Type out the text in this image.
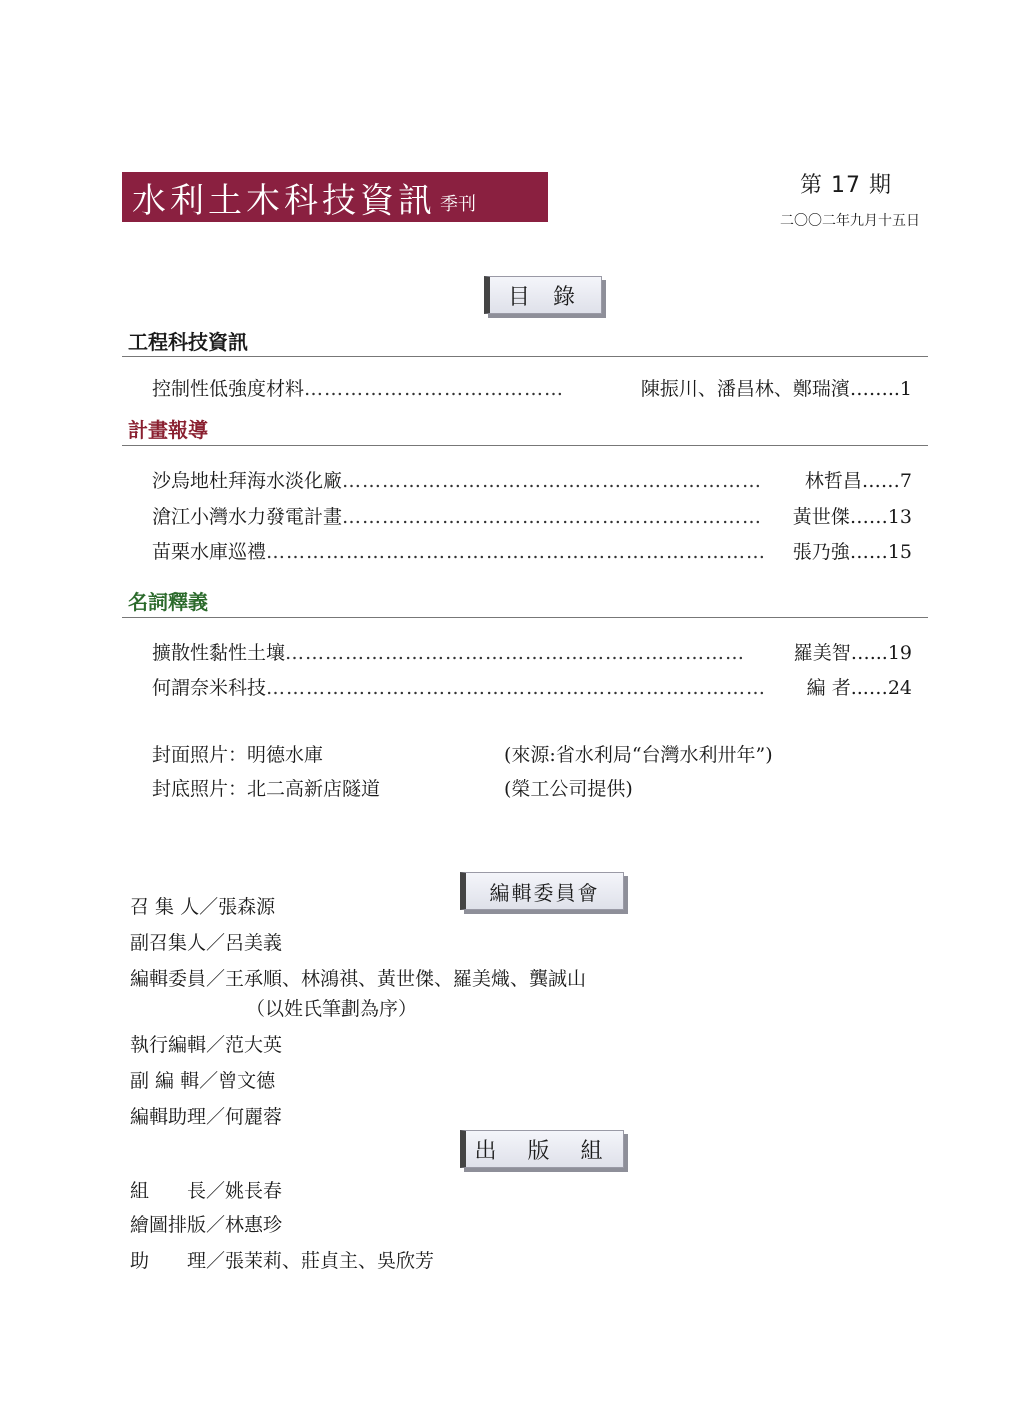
水利土木科技資訊 季刊
第 17 期
二〇〇二年九月十五日
目 錄
工程科技資訊
控制性低強度材料 …………………………………	陳振川、潘昌林、鄭瑞濱 ……..1
計畫報導
沙烏地杜拜海水淡化廠 ………………………………………………………	林哲昌 ……7
滄江小灣水力發電計畫 ………………………………………………………	黃世傑 ……13
苗栗水庫巡禮 …………………………………………………………………	張乃強 ……15
名詞釋義
擴散性黏性土壤 ……………………………………………………………	羅美智 …...19
何謂奈米科技 …………………………………………………………………	編 者 ...…24
封面照片：明德水庫	(來源:省水利局“台灣水利卅年”)
封底照片：北二高新店隧道	(榮工公司提供)
編輯委員會
召 集 人／張森源
副召集人／呂美義
編輯委員／王承順、林鴻祺、黃世傑、羅美熾、龔誠山
（以姓氏筆劃為序）
執行編輯／范大英
副 編 輯／曾文德
編輯助理／何麗蓉
出 版 組
組　　長／姚長春
繪圖排版／林惠珍
助　　理／張茉莉、莊貞主、吳欣芳
